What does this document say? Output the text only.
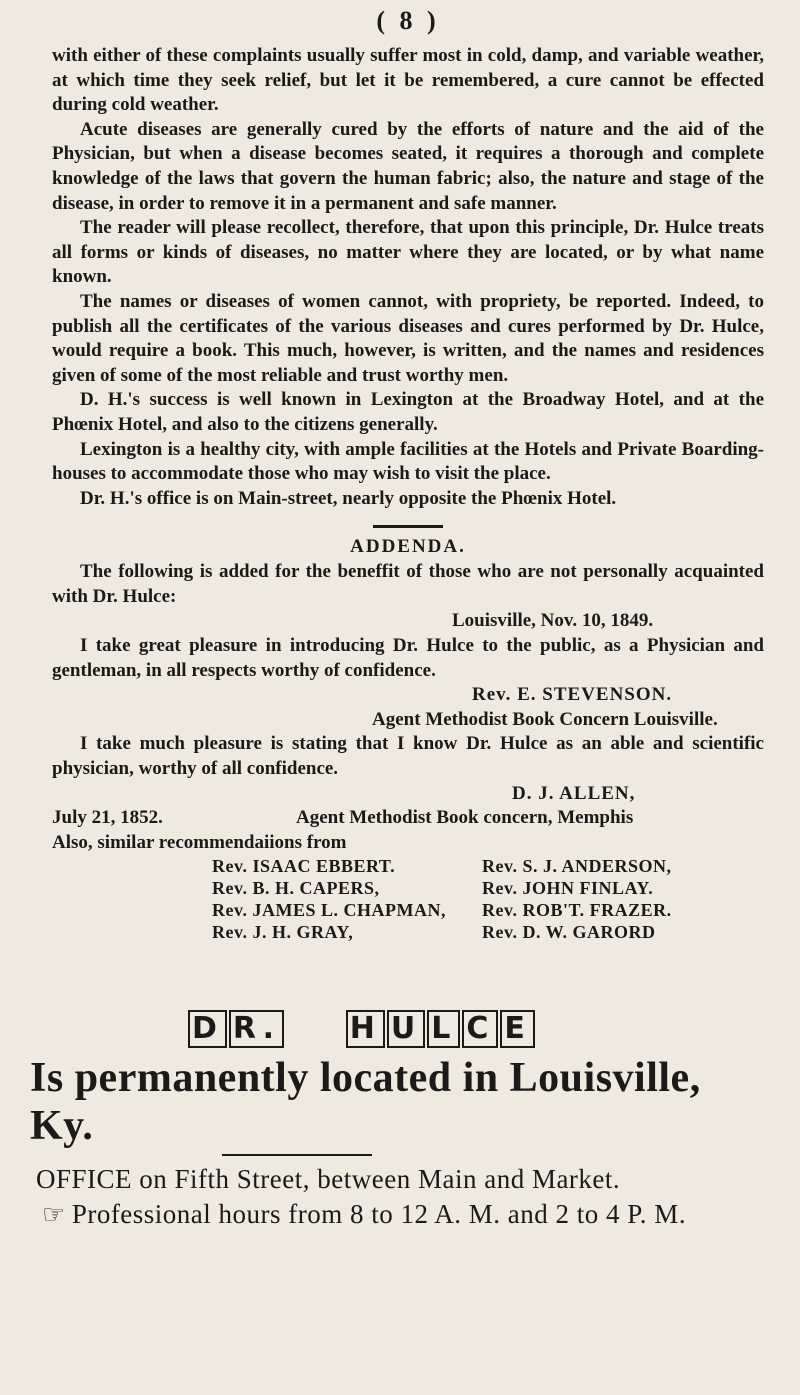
( 8 )

with either of these complaints usually suffer most in cold, damp, and variable weather, at which time they seek relief, but let it be remembered, a cure cannot be effected during cold weather.

Acute diseases are generally cured by the efforts of nature and the aid of the Physician, but when a disease becomes seated, it requires a thorough and complete knowledge of the laws that govern the human fabric; also, the nature and stage of the disease, in order to remove it in a permanent and safe manner.

The reader will please recollect, therefore, that upon this principle, Dr. Hulce treats all forms or kinds of diseases, no matter where they are located, or by what name known.

The names or diseases of women cannot, with propriety, be reported. Indeed, to publish all the certificates of the various diseases and cures performed by Dr. Hulce, would require a book. This much, however, is written, and the names and residences given of some of the most reliable and trust worthy men.

D. H.'s success is well known in Lexington at the Broadway Hotel, and at the Phœnix Hotel, and also to the citizens generally.

Lexington is a healthy city, with ample facilities at the Hotels and Private Boarding-houses to accommodate those who may wish to visit the place.

Dr. H.'s office is on Main-street, nearly opposite the Phœnix Hotel.

ADDENDA.

The following is added for the beneffit of those who are not personally acquainted with Dr. Hulce:

Louisville, Nov. 10, 1849.

I take great pleasure in introducing Dr. Hulce to the public, as a Physician and gentleman, in all respects worthy of confidence.

Rev. E. STEVENSON.
Agent Methodist Book Concern Louisville.

I take much pleasure is stating that I know Dr. Hulce as an able and scientific physician, worthy of all confidence.

D. J. ALLEN,
July 21, 1852.	Agent Methodist Book concern, Memphis

Also, similar recommendaiions from

Rev. ISAAC EBBERT.	Rev. S. J. ANDERSON,
Rev. B. H. CAPERS,	Rev. JOHN FINLAY.
Rev. JAMES L. CHAPMAN,	Rev. ROB'T. FRAZER.
Rev. J. H. GRAY,	Rev. D. W. GARORD
D R. H U L C E
Is permanently located in Louisville, Ky.
OFFICE on Fifth Street, between Main and Market.
☞ Professional hours from 8 to 12 A. M. and 2 to 4 P. M.
